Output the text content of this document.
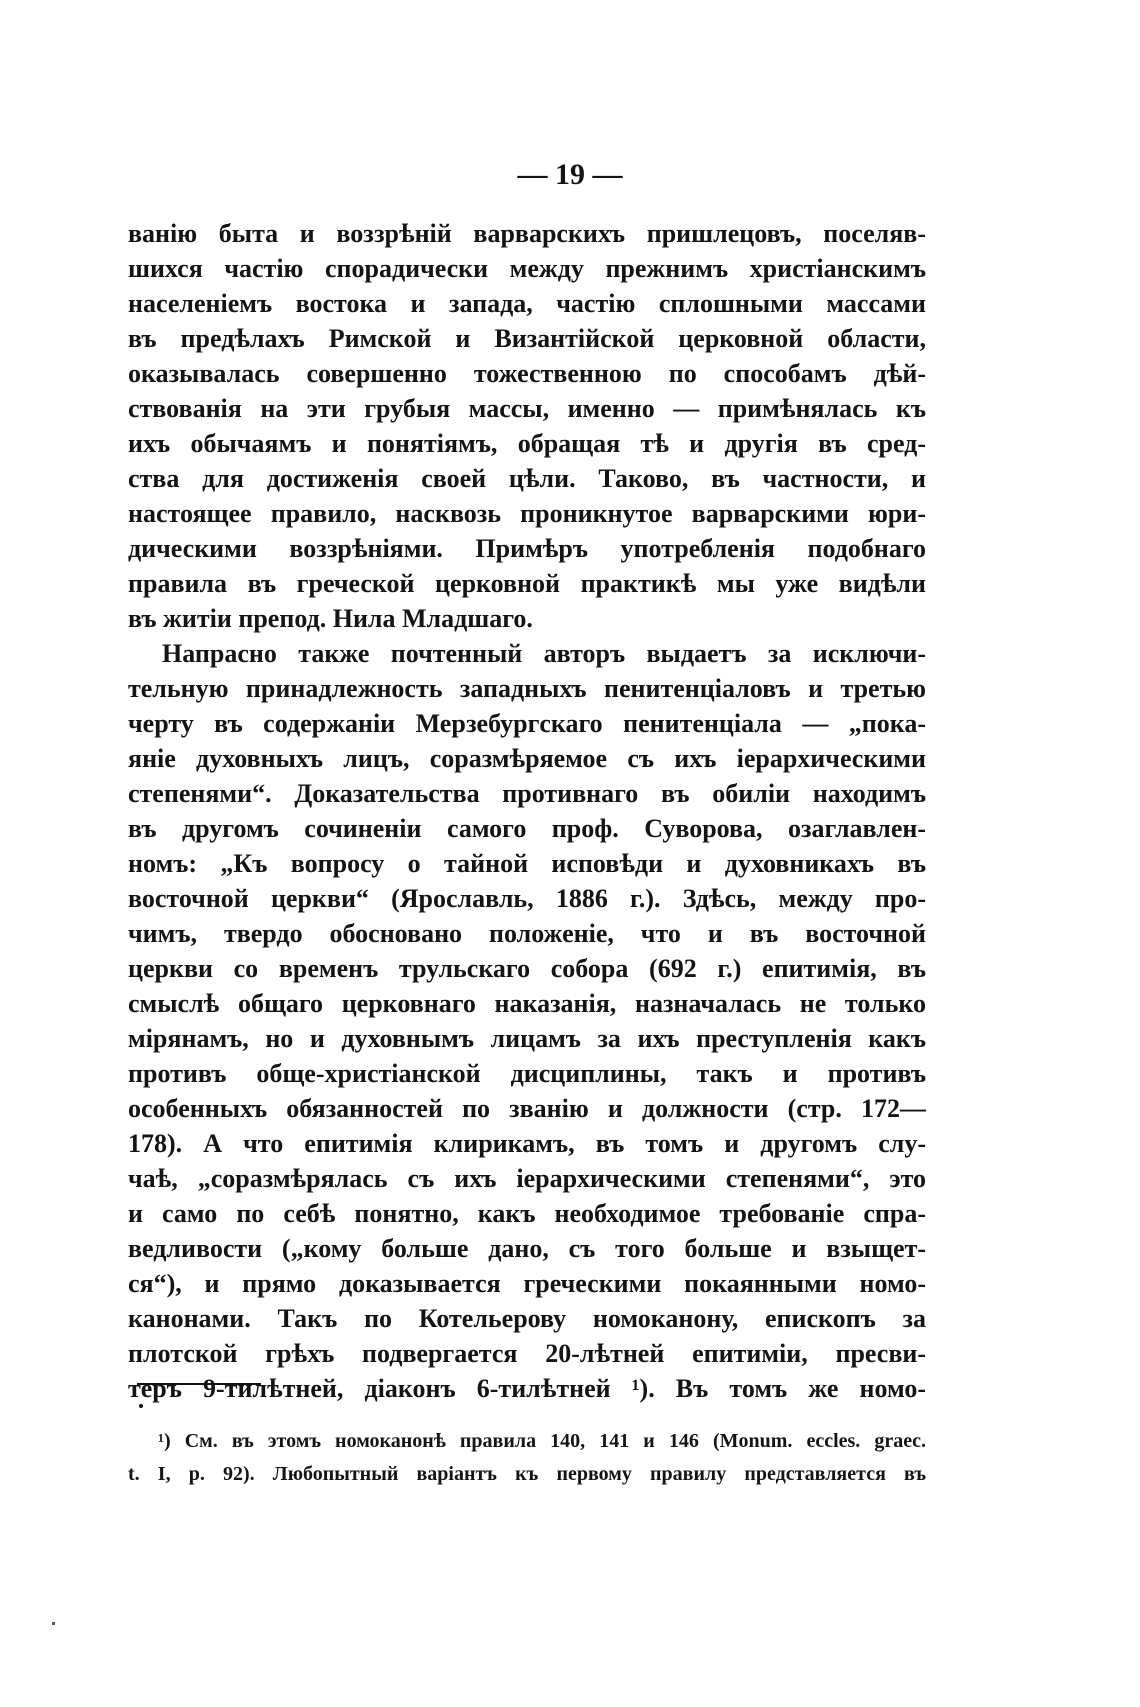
— 19 —
ванію быта и воззрѣній варварскихъ пришлецовъ, поселяв-
шихся частію спорадически между прежнимъ христіанскимъ
населеніемъ востока и запада, частію сплошными массами
въ предѣлахъ Римской и Византійской церковной области,
оказывалась совершенно тожественною по способамъ дѣй-
ствованія на эти грубыя массы, именно — примѣнялась къ
ихъ обычаямъ и понятіямъ, обращая тѣ и другія въ сред-
ства для достиженія своей цѣли. Таково, въ частности, и
настоящее правило, насквозь проникнутое варварскими юри-
дическими воззрѣніями. Примѣръ употребленія подобнаго
правила въ греческой церковной практикѣ мы уже видѣли
въ житіи препод. Нила Младшаго.
Напрасно также почтенный авторъ выдаетъ за исключи-
тельную принадлежность западныхъ пенитенціаловъ и третью
черту въ содержаніи Мерзебургскаго пенитенціала — „пока-
яніе духовныхъ лицъ, соразмѣряемое съ ихъ іерархическими
степенями“. Доказательства противнаго въ обиліи находимъ
въ другомъ сочиненіи самого проф. Суворова, озаглавлен-
номъ: „Къ вопросу о тайной исповѣди и духовникахъ въ
восточной церкви“ (Ярославль, 1886 г.). Здѣсь, между про-
чимъ, твердо обосновано положеніе, что и въ восточной
церкви со временъ трульскаго собора (692 г.) епитимія, въ
смыслѣ общаго церковнаго наказанія, назначалась не только
мірянамъ, но и духовнымъ лицамъ за ихъ преступленія какъ
противъ обще-христіанской дисциплины, такъ и противъ
особенныхъ обязанностей по званію и должности (стр. 172—
178). А что епитимія клирикамъ, въ томъ и другомъ слу-
чаѣ, „соразмѣрялась съ ихъ іерархическими степенями“, это
и само по себѣ понятно, какъ необходимое требованіе спра-
ведливости („кому больше дано, съ того больше и взыщет-
ся“), и прямо доказывается греческими покаянными номо-
канонами. Такъ по Котельерову номоканону, епископъ за
плотской грѣхъ подвергается 20-лѣтней епитиміи, пресви-
теръ 9-тилѣтней, діаконъ 6-тилѣтней ¹). Въ томъ же номо-
¹) См. въ этомъ номоканонѣ правила 140, 141 и 146 (Monum. eccles. graec.
t. I, p. 92). Любопытный варіантъ къ первому правилу представляется въ
